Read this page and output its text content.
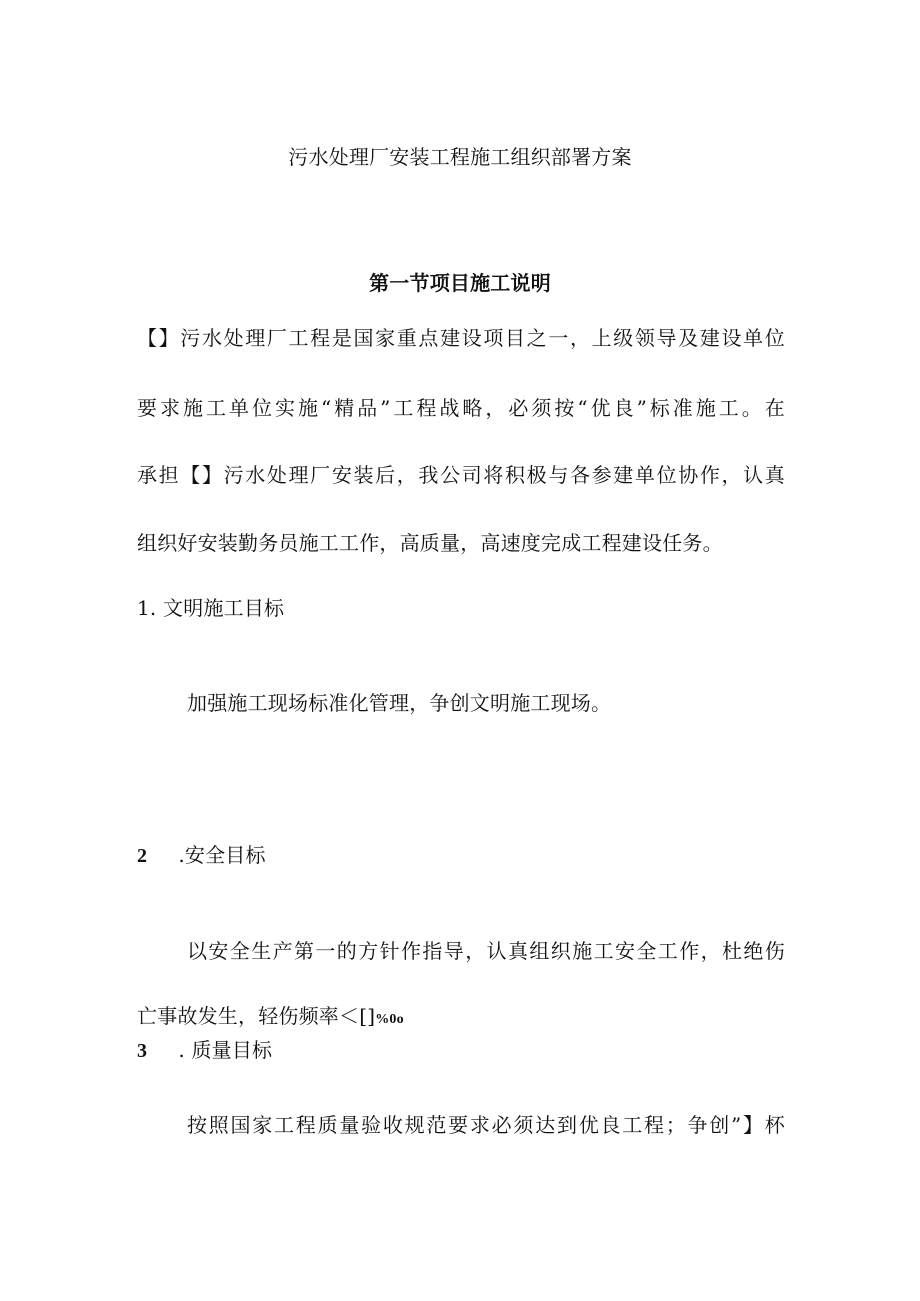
污水处理厂安装工程施工组织部署方案

第一节项目施工说明

【】污水处理厂工程是国家重点建设项目之一，上级领导及建设单位

要求施工单位实施“精品”工程战略，必须按“优良”标准施工。在

承担【】污水处理厂安装后，我公司将积极与各参建单位协作，认真

组织好安装勤务员施工工作，高质量，高速度完成工程建设任务。

1. 文明施工目标

加强施工现场标准化管理，争创文明施工现场。

2 .安全目标

以安全生产第一的方针作指导，认真组织施工安全工作，杜绝伤

亡事故发生，轻伤频率＜[]%0o

3 . 质量目标

按照国家工程质量验收规范要求必须达到优良工程；争创”】杯
